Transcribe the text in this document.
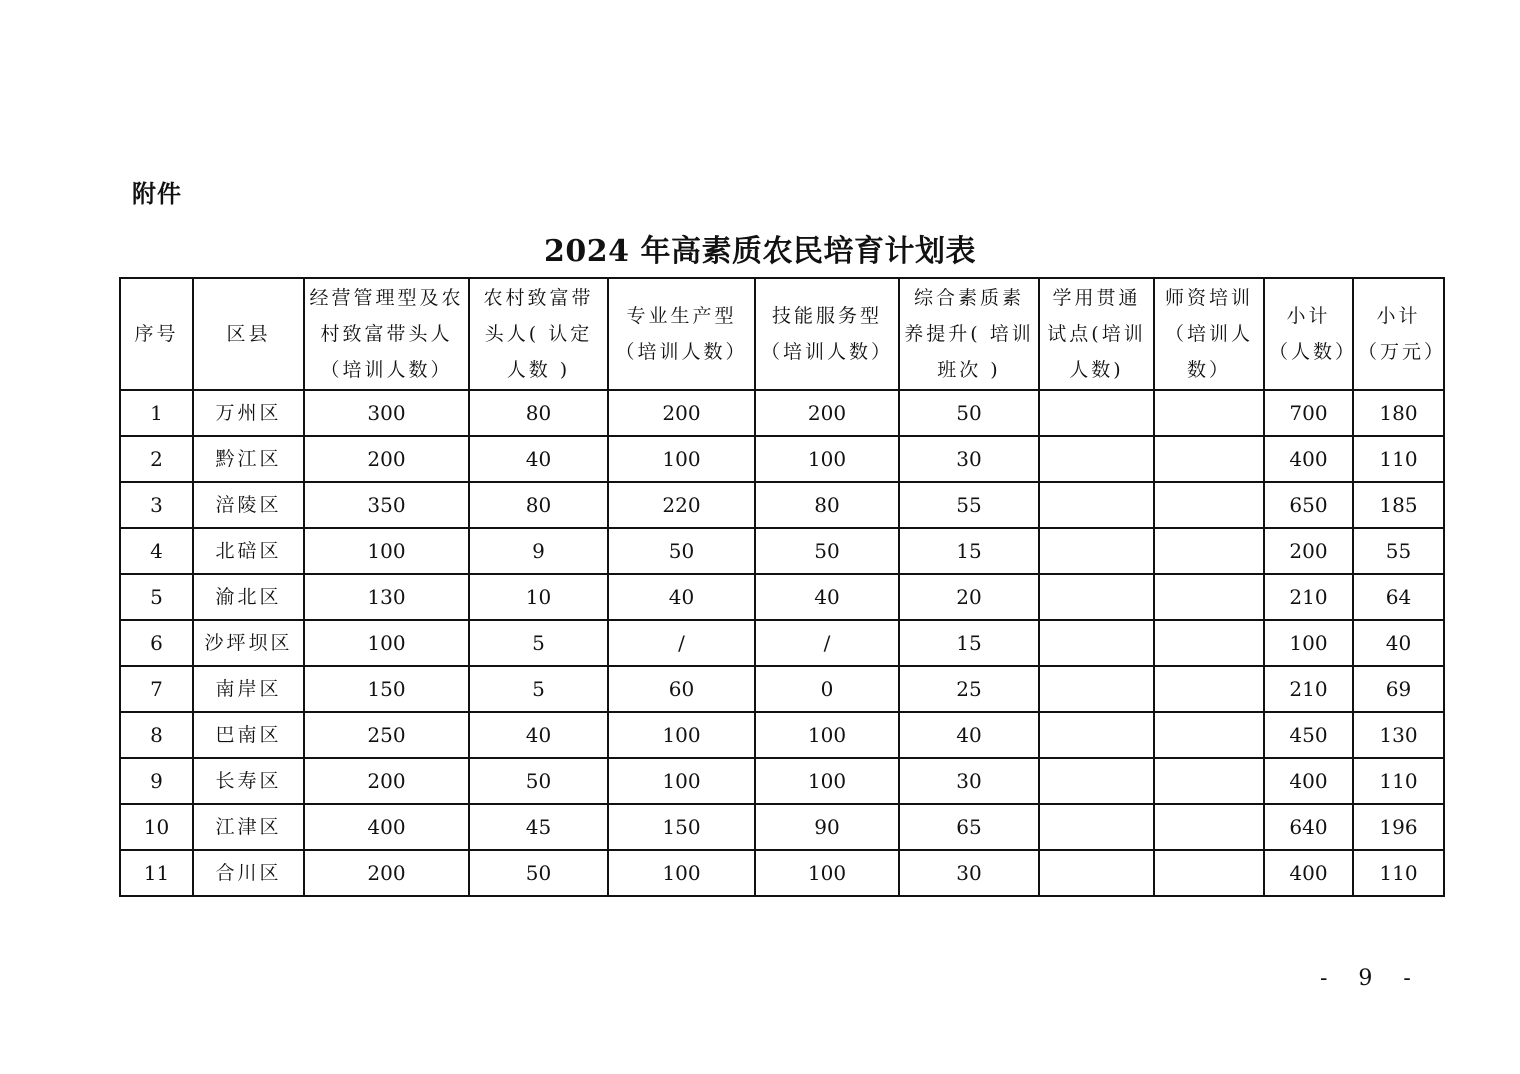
附件
2024 年高素质农民培育计划表
序号	区县	经营管理型及农村致富带头人（培训人数）	农村致富带头人( 认定人数 )	专业生产型（培训人数）	技能服务型（培训人数）	综合素质素养提升( 培训班次 )	学用贯通试点(培训人数)	师资培训（培训人数）	小计（人数）	小计（万元）
1	万州区	300	80	200	200	50			700	180
2	黔江区	200	40	100	100	30			400	110
3	涪陵区	350	80	220	80	55			650	185
4	北碚区	100	9	50	50	15			200	55
5	渝北区	130	10	40	40	20			210	64
6	沙坪坝区	100	5	/	/	15			100	40
7	南岸区	150	5	60	0	25			210	69
8	巴南区	250	40	100	100	40			450	130
9	长寿区	200	50	100	100	30			400	110
10	江津区	400	45	150	90	65			640	196
11	合川区	200	50	100	100	30			400	110
- 9 -
